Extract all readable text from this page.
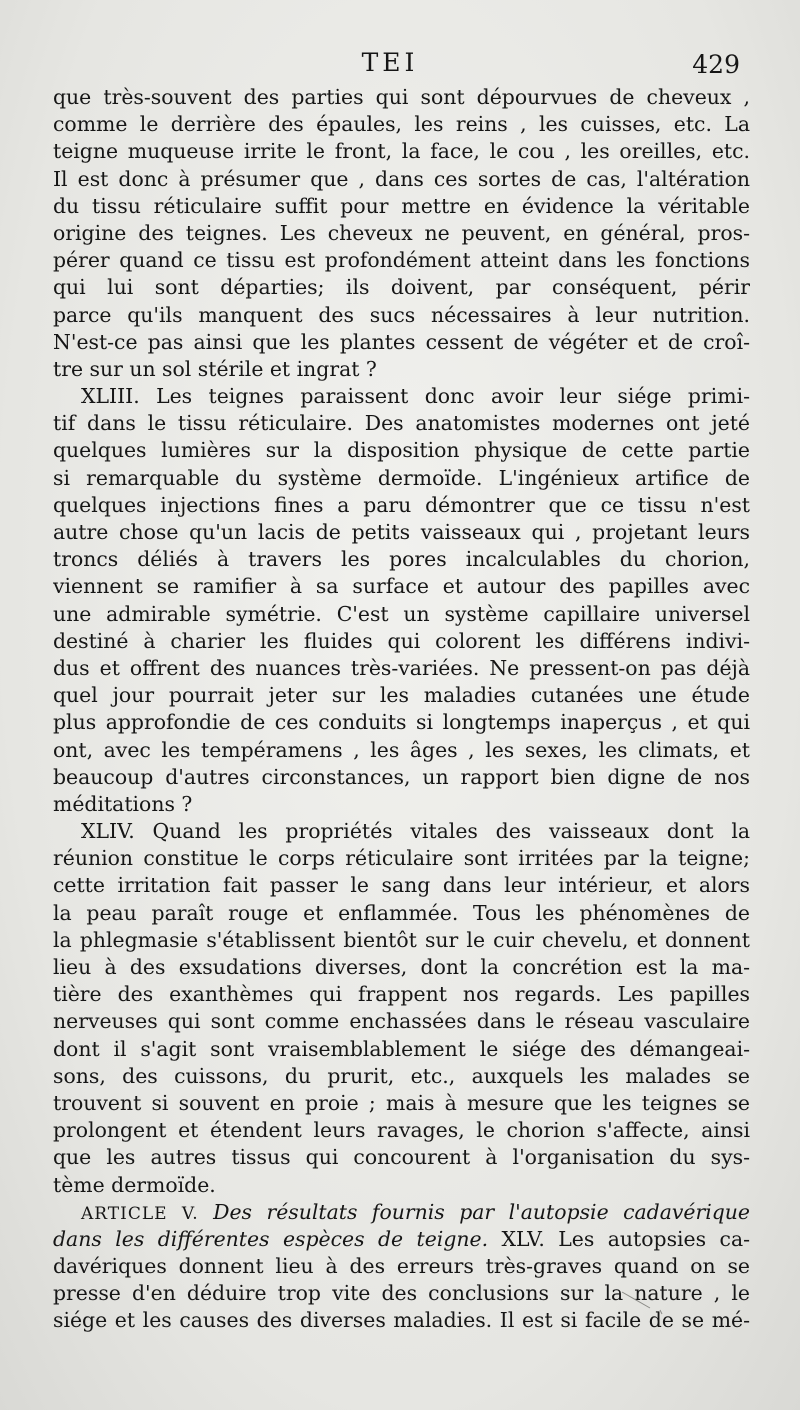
TEI	429
que très-souvent des parties qui sont dépourvues de cheveux ,
comme le derrière des épaules, les reins , les cuisses, etc. La
teigne muqueuse irrite le front, la face, le cou , les oreilles, etc.
Il est donc à présumer que , dans ces sortes de cas, l'altération
du tissu réticulaire suffit pour mettre en évidence la véritable
origine des teignes. Les cheveux ne peuvent, en général, pros-
pérer quand ce tissu est profondément atteint dans les fonctions
qui lui sont départies; ils doivent, par conséquent, périr
parce qu'ils manquent des sucs nécessaires à leur nutrition.
N'est-ce pas ainsi que les plantes cessent de végéter et de croî-
tre sur un sol stérile et ingrat ?
XLIII. Les teignes paraissent donc avoir leur siége primi-
tif dans le tissu réticulaire. Des anatomistes modernes ont jeté
quelques lumières sur la disposition physique de cette partie
si remarquable du système dermoïde. L'ingénieux artifice de
quelques injections fines a paru démontrer que ce tissu n'est
autre chose qu'un lacis de petits vaisseaux qui , projetant leurs
troncs déliés à travers les pores incalculables du chorion,
viennent se ramifier à sa surface et autour des papilles avec
une admirable symétrie. C'est un système capillaire universel
destiné à charier les fluides qui colorent les différens indivi-
dus et offrent des nuances très-variées. Ne pressent-on pas déjà
quel jour pourrait jeter sur les maladies cutanées une étude
plus approfondie de ces conduits si longtemps inaperçus , et qui
ont, avec les tempéramens , les âges , les sexes, les climats, et
beaucoup d'autres circonstances, un rapport bien digne de nos
méditations ?
XLIV. Quand les propriétés vitales des vaisseaux dont la
réunion constitue le corps réticulaire sont irritées par la teigne;
cette irritation fait passer le sang dans leur intérieur, et alors
la peau paraît rouge et enflammée. Tous les phénomènes de
la phlegmasie s'établissent bientôt sur le cuir chevelu, et donnent
lieu à des exsudations diverses, dont la concrétion est la ma-
tière des exanthèmes qui frappent nos regards. Les papilles
nerveuses qui sont comme enchassées dans le réseau vasculaire
dont il s'agit sont vraisemblablement le siége des démangeai-
sons, des cuissons, du prurit, etc., auxquels les malades se
trouvent si souvent en proie ; mais à mesure que les teignes se
prolongent et étendent leurs ravages, le chorion s'affecte, ainsi
que les autres tissus qui concourent à l'organisation du sys-
tème dermoïde.
ARTICLE V. Des résultats fournis par l'autopsie cadavérique
dans les différentes espèces de teigne. XLV. Les autopsies ca-
davériques donnent lieu à des erreurs très-graves quand on se
presse d'en déduire trop vite des conclusions sur la nature , le
siége et les causes des diverses maladies. Il est si facile de se mé-
